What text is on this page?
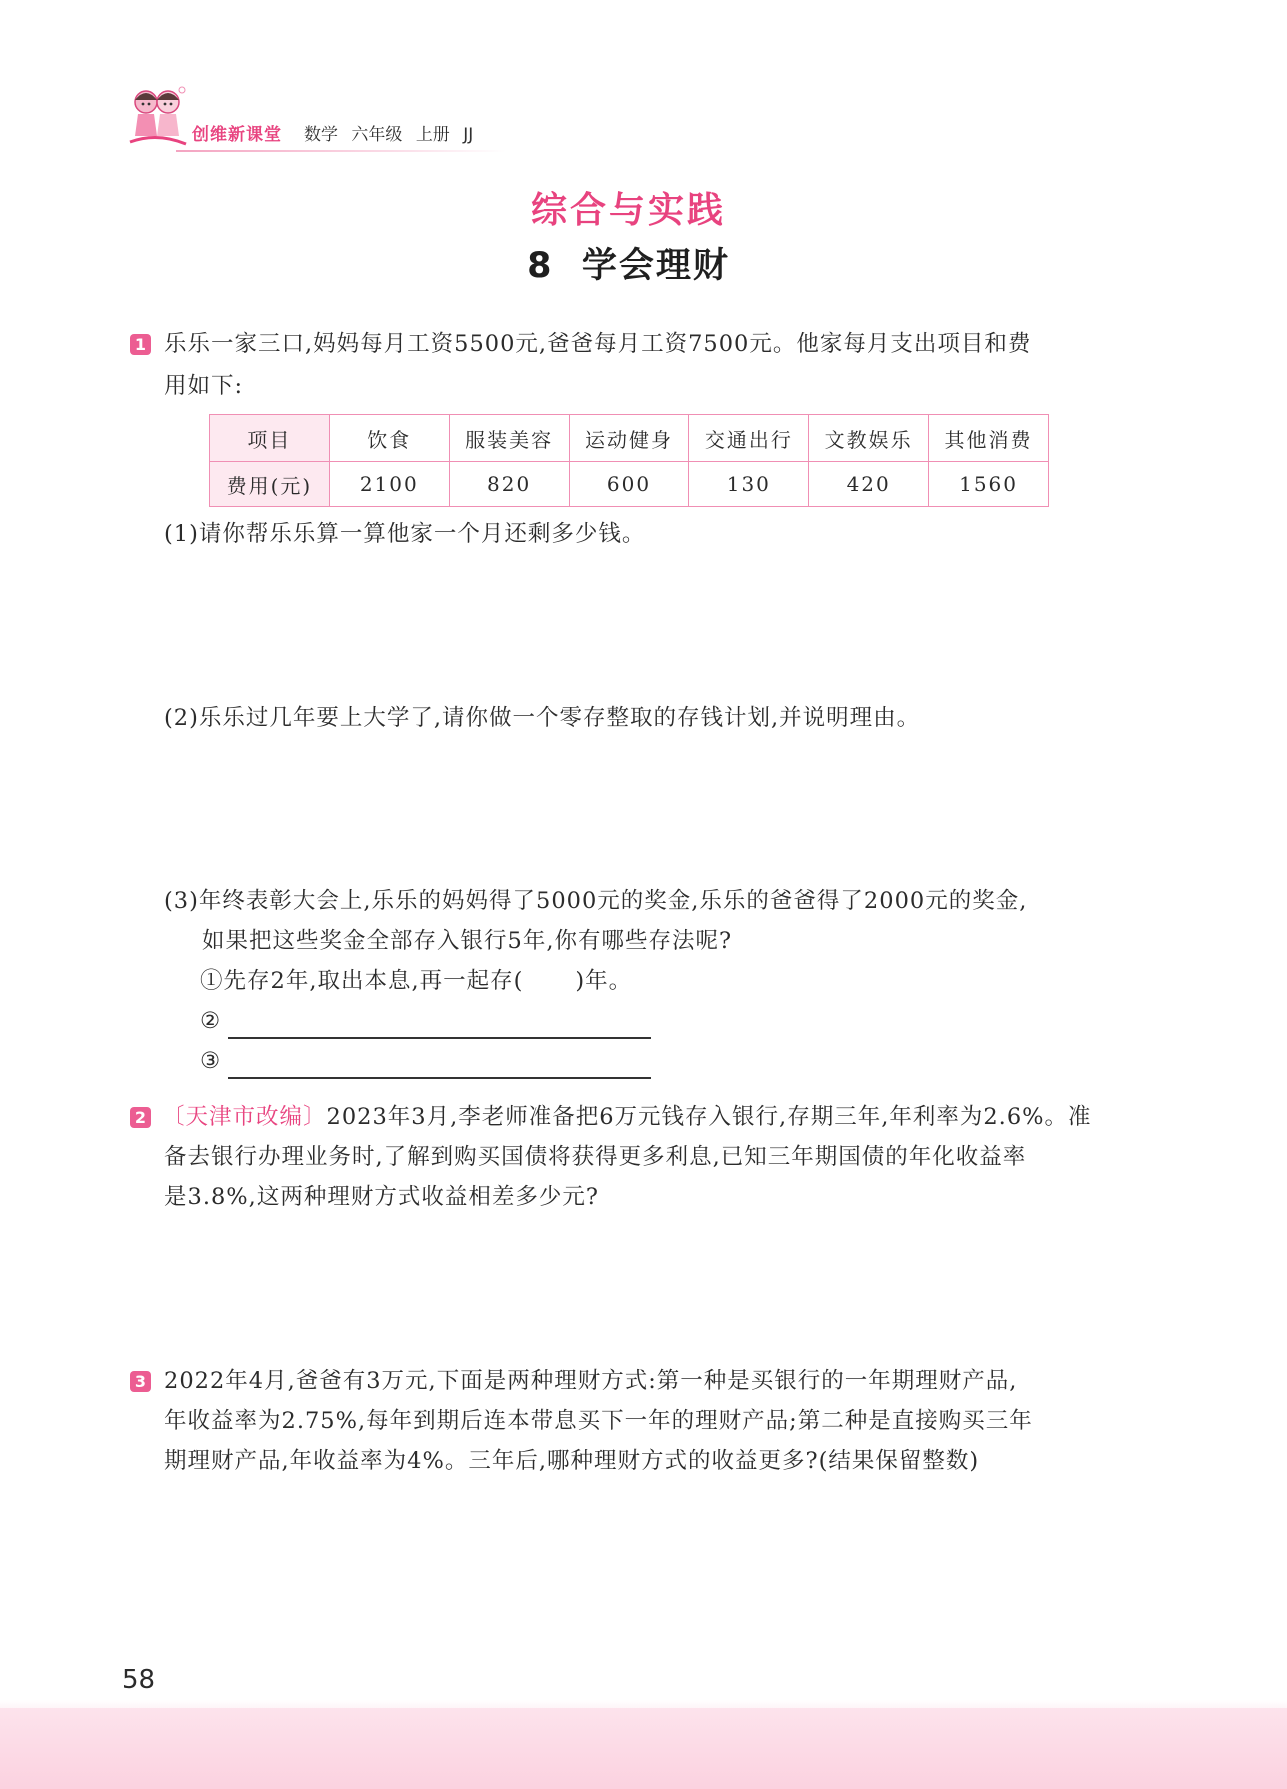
创维新课堂 数学 六年级 上册 JJ
综合与实践
8  学会理财
1 乐乐一家三口,妈妈每月工资5500元,爸爸每月工资7500元。他家每月支出项目和费
用如下:
项目	饮食	服装美容	运动健身	交通出行	文教娱乐	其他消费
费用(元)	2100	820	600	130	420	1560
(1)请你帮乐乐算一算他家一个月还剩多少钱。
(2)乐乐过几年要上大学了,请你做一个零存整取的存钱计划,并说明理由。
(3)年终表彰大会上,乐乐的妈妈得了5000元的奖金,乐乐的爸爸得了2000元的奖金,
如果把这些奖金全部存入银行5年,你有哪些存法呢?
①先存2年,取出本息,再一起存( )年。
②
③
2 〔天津市改编〕2023年3月,李老师准备把6万元钱存入银行,存期三年,年利率为2.6%。准
备去银行办理业务时,了解到购买国债将获得更多利息,已知三年期国债的年化收益率
是3.8%,这两种理财方式收益相差多少元?
3 2022年4月,爸爸有3万元,下面是两种理财方式:第一种是买银行的一年期理财产品,
年收益率为2.75%,每年到期后连本带息买下一年的理财产品;第二种是直接购买三年
期理财产品,年收益率为4%。三年后,哪种理财方式的收益更多?(结果保留整数)
58
